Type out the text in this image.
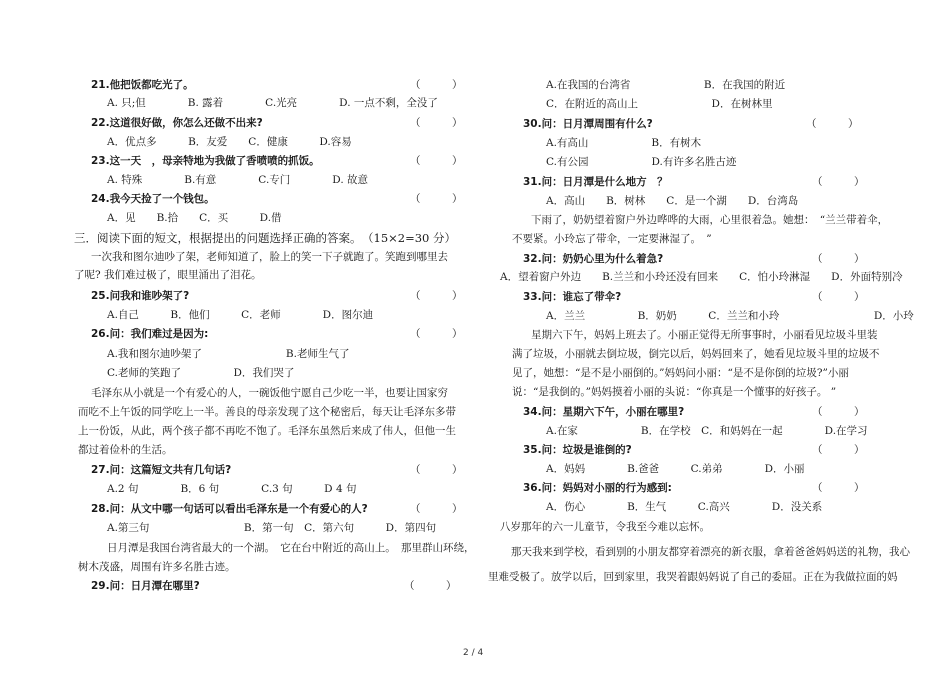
21.他把饭都吃光了。	（　　　）
A. 只;但　　　　B. 露着　　　　C.光亮　　　　D. 一点不剩，全没了
22.这道很好做，你怎么还做不出来?	（　　　）
A．优点多　　　B．友爱　　C．健康　　　D.容易
23.这一天　，母亲特地为我做了香喷喷的抓饭。	（　　　）
A. 特殊　　　　B.有意　　　　C.专门　　　　D. 故意
24.我今天捡了一个钱包。	（　　　）
A．见　　B.拾　　C．买　　　D.借
三．阅读下面的短文，根据提出的问题选择正确的答案。 （15×2=30 分）
一次我和图尔迪吵了架，老师知道了，脸上的笑一下子就跑了。笑跑到哪里去
了呢? 我们难过极了，眼里涌出了泪花。
25.问我和谁吵架了?	（　　　）
A.自己　　　B．他们　　　C．老师　　　　D．图尔迪
26.问：我们难过是因为:	（　　　）
A.我和图尔迪吵架了　　　　　　　　B.老师生气了
C.老师的笑跑了　　　　　D．我们哭了
毛泽东从小就是一个有爱心的人，一碗饭他宁愿自己少吃一半，也要让国家穷
而吃不上午饭的同学吃上一半。善良的母亲发现了这个秘密后，每天让毛泽东多带
上一份饭，从此，两个孩子都不再吃不饱了。毛泽东虽然后来成了伟人，但他一生
都过着俭朴的生活。
27.问：这篇短文共有几句话?	（　　　）
A.2 句　　　　B．6 句　　　　C.3 句　　　D 4 句
28.问：从文中哪一句话可以看出毛泽东是一个有爱心的人?	（　　　）
A.第三句　　　　　　　　　B．第一句　C．第六句　　　D．第四句
日月潭是我国台湾省最大的一个湖。　它在台中附近的高山上。　那里群山环绕，
树木茂盛，周围有许多名胜古迹。
29.问：日月潭在哪里?	（　　　）
A.在我国的台湾省　　　　　　　B．在我国的附近
C．在附近的高山上　　　　　　　D．在树林里
30.问：日月潭周围有什么?	（　　　）
A.有高山　　　　　　B．有树木
C.有公园　　　　　　D.有许多名胜古迹
31.问：日月潭是什么地方　？	（　　　）
A．高山　　B．树林　　C．是一个湖　　D．台湾岛
下雨了，奶奶望着窗户外边哗哗的大雨，心里很着急。她想：　“兰兰带着伞，
不要紧。小玲忘了带伞，一定要淋湿了。　”
32.问：奶奶心里为什么着急?	（　　　）
A．望着窗户外边　　B.兰兰和小玲还没有回来　　C．怕小玲淋湿　　D．外面特别冷
33.问：谁忘了带伞?	（　　　）
A．兰兰　　　　　B．奶奶　　　C．兰兰和小玲　　　　　　　　　D．小玲
星期六下午，妈妈上班去了。小丽正觉得无所事事时，小丽看见垃圾斗里装
满了垃圾，小丽就去倒垃圾，倒完以后，妈妈回来了，她看见垃圾斗里的垃圾不
见了，她想：“是不是小丽倒的。”妈妈问小丽：“是不是你倒的垃圾?”小丽
说：“是我倒的。”妈妈摸着小丽的头说：“你真是一个懂事的好孩子。 ”
34.问：星期六下午，小丽在哪里?	（　　　）
A.在家　　　　　　B．在学校　C．和妈妈在一起　　　　D.在学习
35.问：垃圾是谁倒的?	（　　　）
A．妈妈　　　　B.爸爸　　　C.弟弟　　　　D．小丽
36.问：妈妈对小丽的行为感到:	（　　　）
A．伤心　　　　B．生气　　　C.高兴　　　　D．没关系
八岁那年的六一儿童节，令我至今难以忘怀。
那天我来到学校，看到别的小朋友都穿着漂亮的新衣服，拿着爸爸妈妈送的礼物，我心
里难受极了。放学以后，回到家里，我哭着跟妈妈说了自己的委屈。正在为我做拉面的妈
2 / 4
